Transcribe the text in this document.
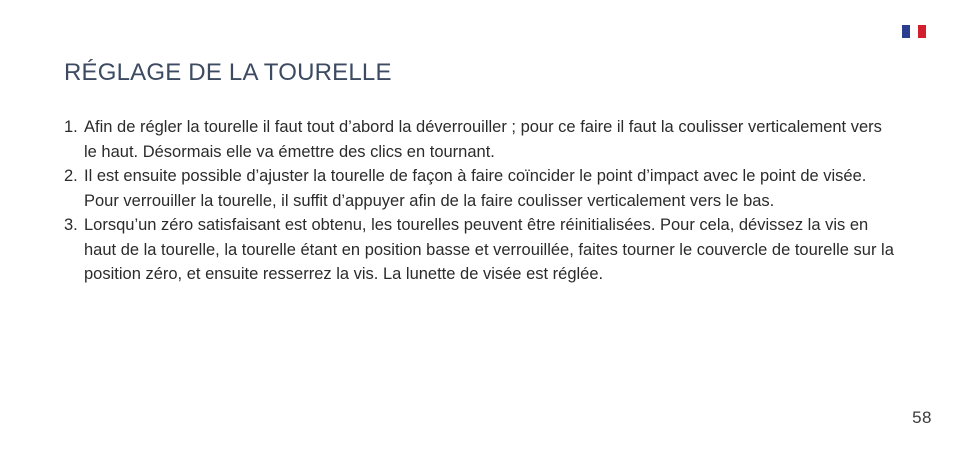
RÉGLAGE DE LA TOURELLE
1. Afin de régler la tourelle il faut tout d’abord la déverrouiller ; pour ce faire il faut la coulisser verticalement vers le haut. Désormais elle va émettre des clics en tournant.
2. Il est ensuite possible d’ajuster la tourelle de façon à faire coïncider le point d’impact avec le point de visée. Pour verrouiller la tourelle, il suffit d’appuyer afin de la faire coulisser verticalement vers le bas.
3. Lorsqu’un zéro satisfaisant est obtenu, les tourelles peuvent être réinitialisées. Pour cela, dévissez la vis en haut de la tourelle, la tourelle étant en position basse et verrouillée, faites tourner le couvercle de tourelle sur la position zéro, et ensuite resserrez la vis. La lunette de visée est réglée.
58
